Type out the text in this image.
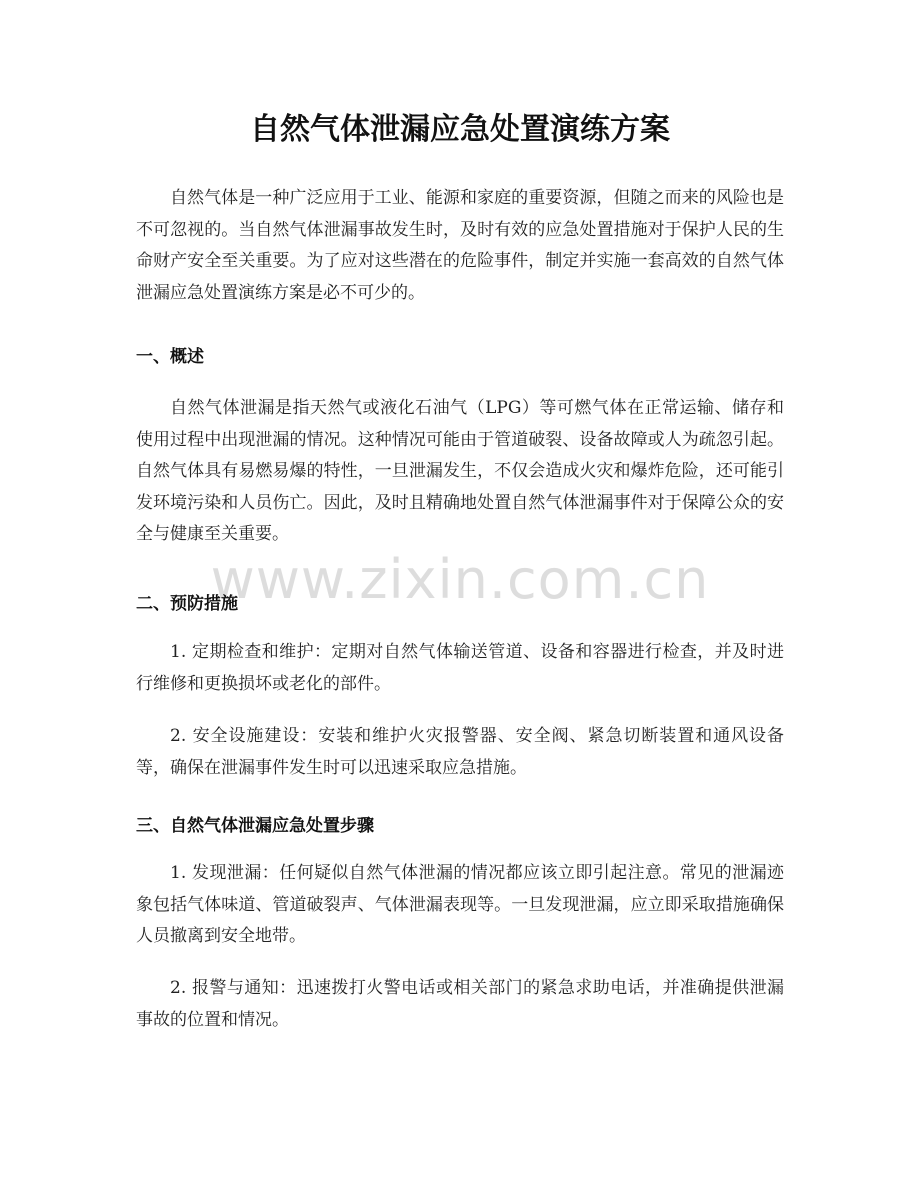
自然气体泄漏应急处置演练方案

自然气体是一种广泛应用于工业、能源和家庭的重要资源，但随之而来的风险也是不可忽视的。当自然气体泄漏事故发生时，及时有效的应急处置措施对于保护人民的生命财产安全至关重要。为了应对这些潜在的危险事件，制定并实施一套高效的自然气体泄漏应急处置演练方案是必不可少的。

一、概述

自然气体泄漏是指天然气或液化石油气（LPG）等可燃气体在正常运输、储存和使用过程中出现泄漏的情况。这种情况可能由于管道破裂、设备故障或人为疏忽引起。自然气体具有易燃易爆的特性，一旦泄漏发生，不仅会造成火灾和爆炸危险，还可能引发环境污染和人员伤亡。因此，及时且精确地处置自然气体泄漏事件对于保障公众的安全与健康至关重要。

www.zixin.com.cn
二、预防措施

1. 定期检查和维护：定期对自然气体输送管道、设备和容器进行检查，并及时进行维修和更换损坏或老化的部件。

2. 安全设施建设：安装和维护火灾报警器、安全阀、紧急切断装置和通风设备等，确保在泄漏事件发生时可以迅速采取应急措施。

三、自然气体泄漏应急处置步骤

1. 发现泄漏：任何疑似自然气体泄漏的情况都应该立即引起注意。常见的泄漏迹象包括气体味道、管道破裂声、气体泄漏表现等。一旦发现泄漏，应立即采取措施确保人员撤离到安全地带。

2. 报警与通知：迅速拨打火警电话或相关部门的紧急求助电话，并准确提供泄漏事故的位置和情况。
